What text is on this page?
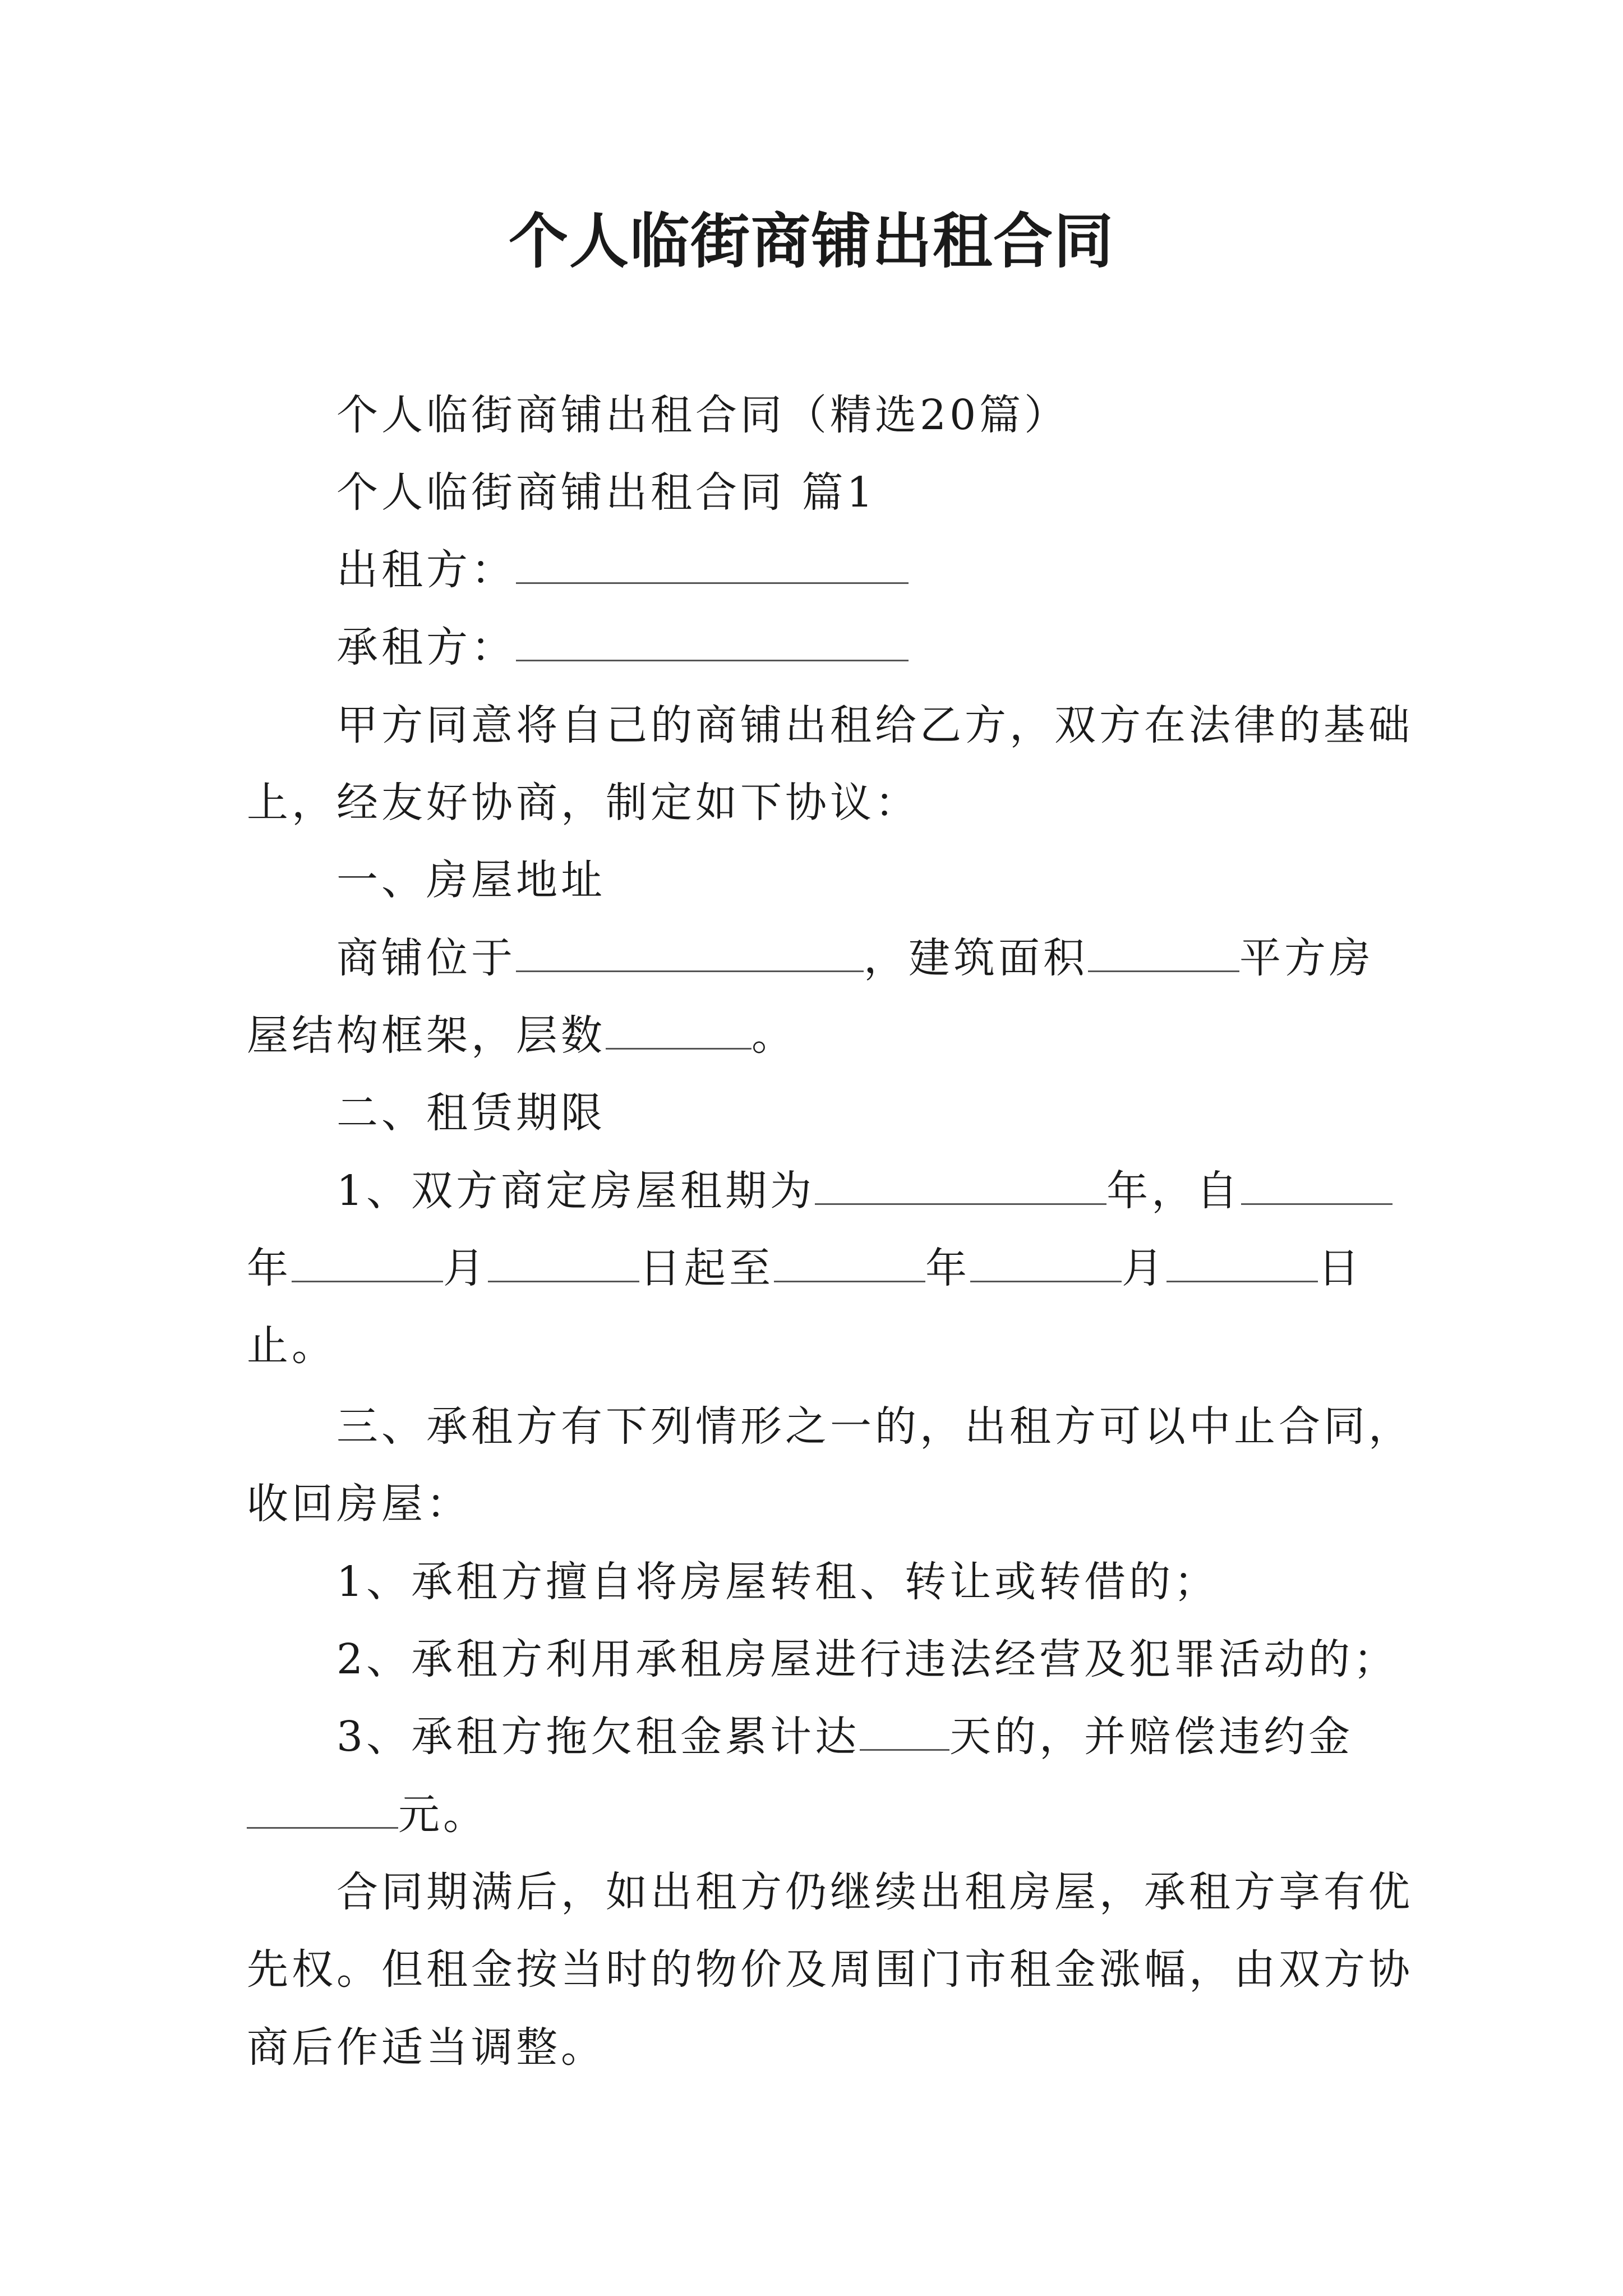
个人临街商铺出租合同
个人临街商铺出租合同（精选20篇）
个人临街商铺出租合同 篇1
出租方：
承租方：
甲方同意将自己的商铺出租给乙方，双方在法律的基础
上，经友好协商，制定如下协议：
一、房屋地址
商铺位于	，建筑面积	平方房
屋结构框架，层数	。
二、租赁期限
1、双方商定房屋租期为	年，自
年	月	日起至	年	月	日
止。
三、承租方有下列情形之一的，出租方可以中止合同，
收回房屋：
1、承租方擅自将房屋转租、转让或转借的；
2、承租方利用承租房屋进行违法经营及犯罪活动的；
3、承租方拖欠租金累计达 天的，并赔偿违约金
元。
合同期满后，如出租方仍继续出租房屋，承租方享有优
先权。但租金按当时的物价及周围门市租金涨幅，由双方协
商后作适当调整。
